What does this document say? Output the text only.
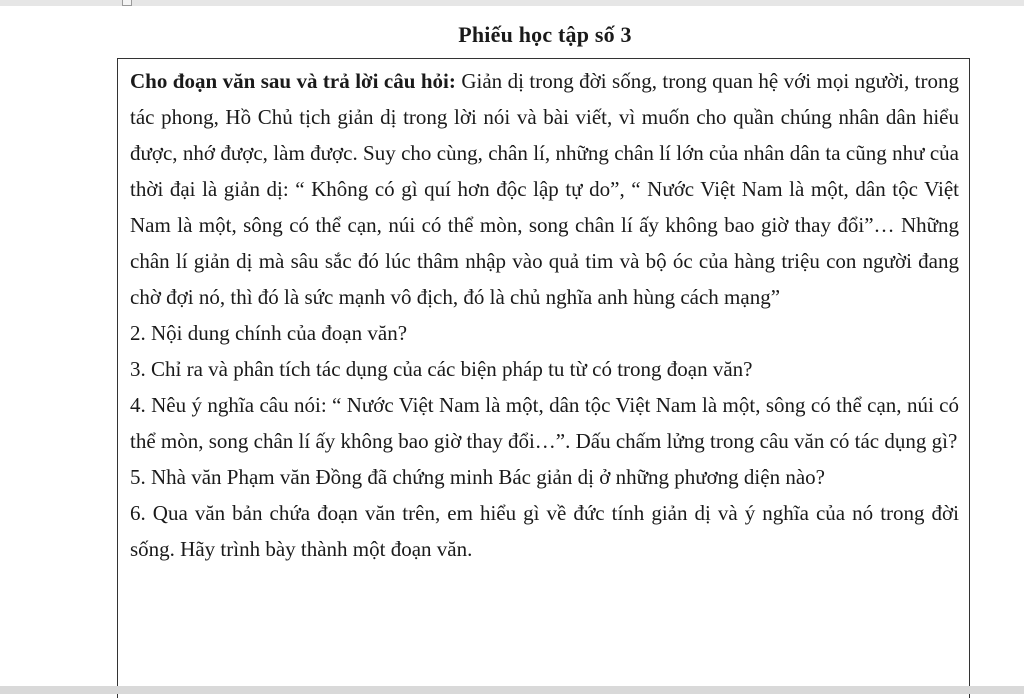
Phiếu học tập số 3

Cho đoạn văn sau và trả lời câu hỏi: Giản dị trong đời sống, trong quan hệ với mọi người, trong tác phong, Hồ Chủ tịch giản dị trong lời nói và bài viết, vì muốn cho quần chúng nhân dân hiểu được, nhớ được, làm được. Suy cho cùng, chân lí, những chân lí lớn của nhân dân ta cũng như của thời đại là giản dị: “ Không có gì quí hơn độc lập tự do”, “ Nước Việt Nam là một, dân tộc Việt Nam là một, sông có thể cạn, núi có thể mòn, song chân lí ấy không bao giờ thay đổi”… Những chân lí giản dị mà sâu sắc đó lúc thâm nhập vào quả tim và bộ óc của hàng triệu con người đang chờ đợi nó, thì đó là sức mạnh vô địch, đó là chủ nghĩa anh hùng cách mạng”

2. Nội dung chính của đoạn văn?

3. Chỉ ra và phân tích tác dụng của các biện pháp tu từ có trong đoạn văn?

4. Nêu ý nghĩa câu nói: “ Nước Việt Nam là một, dân tộc Việt Nam là một, sông có thể cạn, núi có thể mòn, song chân lí ấy không bao giờ thay đổi…”. Dấu chấm lửng trong câu văn có tác dụng gì?

5. Nhà văn Phạm văn Đồng đã chứng minh Bác giản dị ở những phương diện nào?

6. Qua văn bản chứa đoạn văn trên, em hiểu gì về đức tính giản dị và ý nghĩa của nó trong đời sống. Hãy trình bày thành một đoạn văn.
